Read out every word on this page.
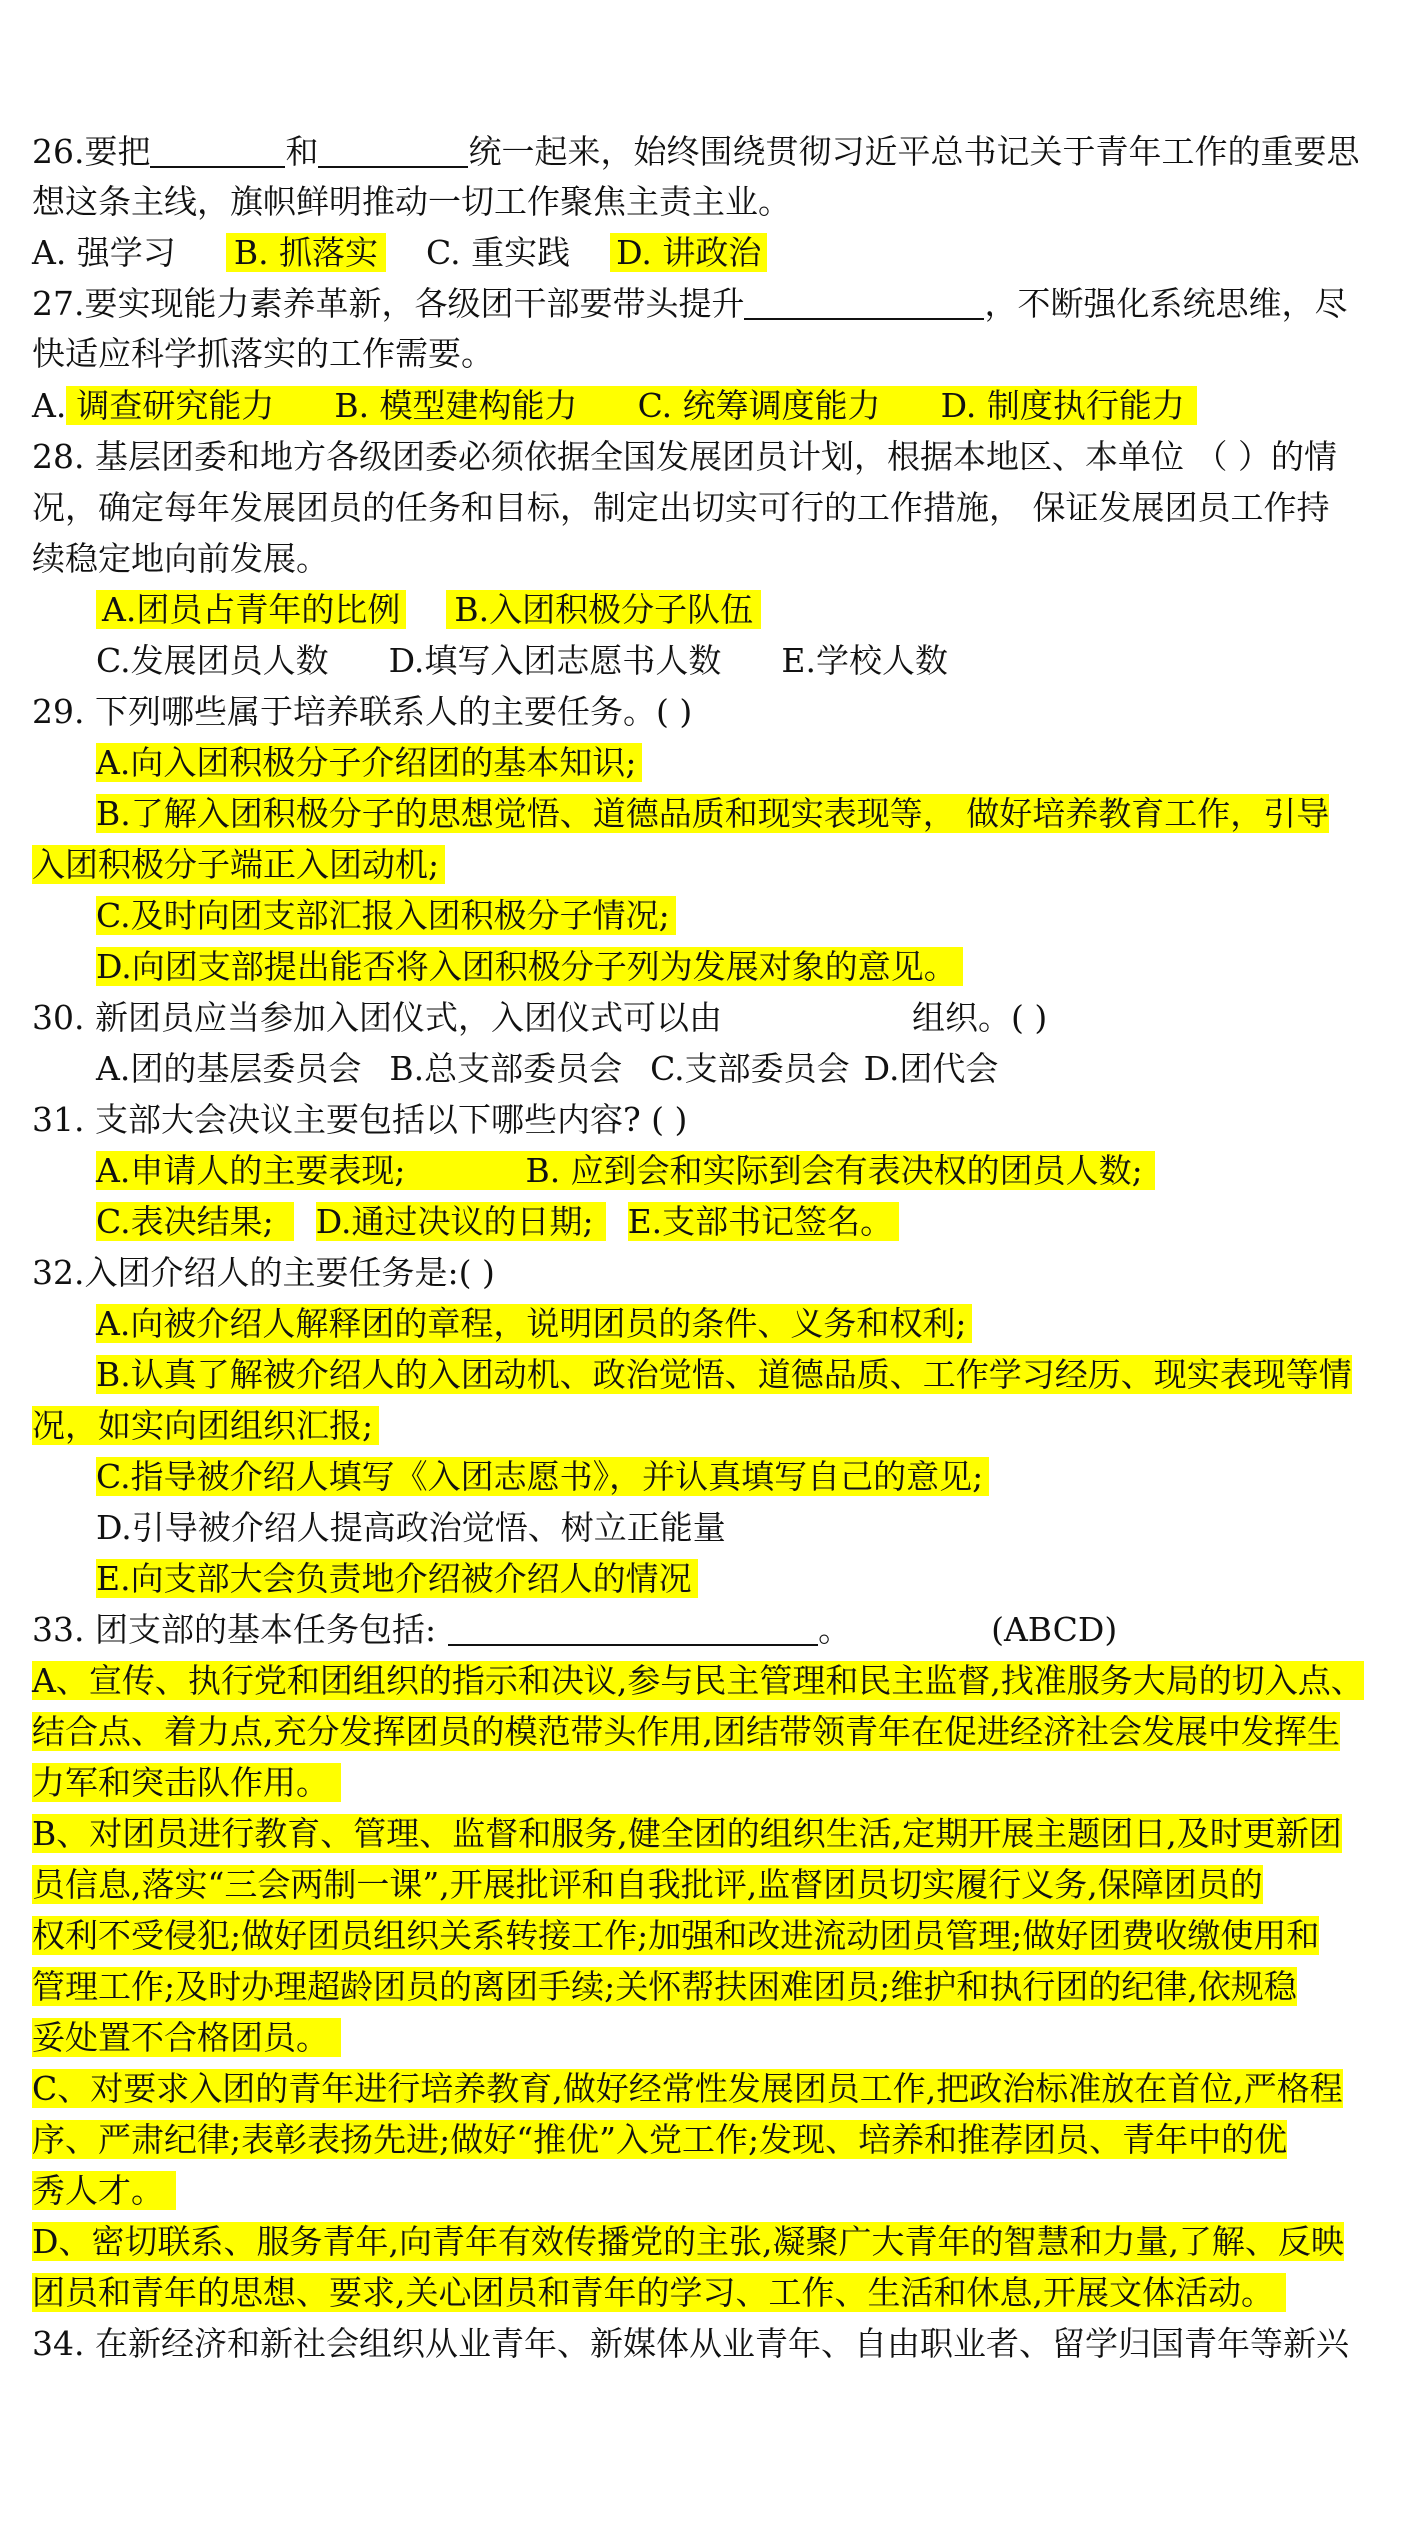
26.要把	和	统一起来，始终围绕贯彻习近平总书记关于青年工作的重要思
想这条主线，旗帜鲜明推动一切工作聚焦主责主业。
A. 强学习 B. 抓落实 C. 重实践 D. 讲政治
27.要实现能力素养革新，各级团干部要带头提升	，不断强化系统思维，尽
快适应科学抓落实的工作需要。
A. 调查研究能力 B. 模型建构能力 C. 统筹调度能力 D. 制度执行能力
28. 基层团委和地方各级团委必须依据全国发展团员计划，根据本地区、本单位 （ ）的情
况，确定每年发展团员的任务和目标，制定出切实可行的工作措施， 保证发展团员工作持
续稳定地向前发展。
A.团员占青年的比例 B.入团积极分子队伍
C.发展团员人数 D.填写入团志愿书人数 E.学校人数
29. 下列哪些属于培养联系人的主要任务。( )
A.向入团积极分子介绍团的基本知识;
B.了解入团积极分子的思想觉悟、道德品质和现实表现等， 做好培养教育工作，引导
入团积极分子端正入团动机;
C.及时向团支部汇报入团积极分子情况;
D.向团支部提出能否将入团积极分子列为发展对象的意见。
30. 新团员应当参加入团仪式，入团仪式可以由	组织。( )
A.团的基层委员会 B.总支部委员会 C.支部委员会 D.团代会
31. 支部大会决议主要包括以下哪些内容? ( )
A.申请人的主要表现;	B. 应到会和实际到会有表决权的团员人数;
C.表决结果; D.通过决议的日期; E.支部书记签名。
32.入团介绍人的主要任务是:( )
A.向被介绍人解释团的章程，说明团员的条件、义务和权利;
B.认真了解被介绍人的入团动机、政治觉悟、道德品质、工作学习经历、现实表现等情
况，如实向团组织汇报;
C.指导被介绍人填写《入团志愿书》，并认真填写自己的意见;
D.引导被介绍人提高政治觉悟、树立正能量
E.向支部大会负责地介绍被介绍人的情况
33. 团支部的基本任务包括:	。	(ABCD)
A、宣传、执行党和团组织的指示和决议,参与民主管理和民主监督,找准服务大局的切入点、
结合点、着力点,充分发挥团员的模范带头作用,团结带领青年在促进经济社会发展中发挥生
力军和突击队作用。
B、对团员进行教育、管理、监督和服务,健全团的组织生活,定期开展主题团日,及时更新团
员信息,落实“三会两制一课”,开展批评和自我批评,监督团员切实履行义务,保障团员的
权利不受侵犯;做好团员组织关系转接工作;加强和改进流动团员管理;做好团费收缴使用和
管理工作;及时办理超龄团员的离团手续;关怀帮扶困难团员;维护和执行团的纪律,依规稳
妥处置不合格团员。
C、对要求入团的青年进行培养教育,做好经常性发展团员工作,把政治标准放在首位,严格程
序、严肃纪律;表彰表扬先进;做好“推优”入党工作;发现、培养和推荐团员、青年中的优
秀人才。
D、密切联系、服务青年,向青年有效传播党的主张,凝聚广大青年的智慧和力量,了解、反映
团员和青年的思想、要求,关心团员和青年的学习、工作、生活和休息,开展文体活动。
34. 在新经济和新社会组织从业青年、新媒体从业青年、自由职业者、留学归国青年等新兴
